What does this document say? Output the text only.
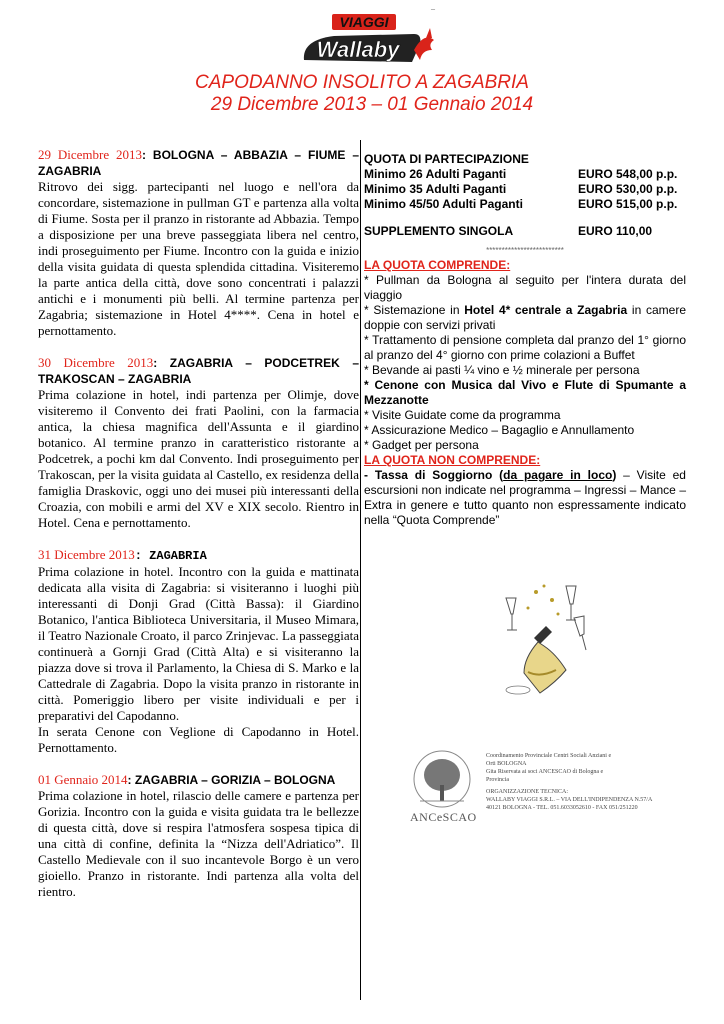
–
VIAGGI
Wallaby
CAPODANNO INSOLITO A ZAGABRIA
29 Dicembre 2013 – 01 Gennaio 2014

29 Dicembre 2013: BOLOGNA – ABBAZIA – FIUME – ZAGABRIA

Ritrovo dei sigg. partecipanti nel luogo e nell'ora da concordare, sistemazione in pullman GT e partenza alla volta di Fiume. Sosta per il pranzo in ristorante ad Abbazia. Tempo a disposizione per una breve passeggiata libera nel centro, indi proseguimento per Fiume. Incontro con la guida e inizio della visita guidata di questa splendida cittadina. Visiteremo la parte antica della città, dove sono concentrati i palazzi antichi e i monumenti più belli. Al termine partenza per Zagabria; sistemazione in Hotel 4****. Cena in hotel e pernottamento.

30 Dicembre 2013: ZAGABRIA – PODCETREK – TRAKOSCAN – ZAGABRIA

Prima colazione in hotel, indi partenza per Olimje, dove visiteremo il Convento dei frati Paolini, con la farmacia antica, la chiesa magnifica dell'Assunta e il giardino botanico. Al termine pranzo in caratteristico ristorante a Podcetrek, a pochi km dal Convento. Indi proseguimento per Trakoscan, per la visita guidata al Castello, ex residenza della famiglia Draskovic, oggi uno dei musei più interessanti della Croazia, con mobili e armi del XV e XIX secolo. Rientro in Hotel. Cena e pernottamento.

31 Dicembre 2013: ZAGABRIA

Prima colazione in hotel. Incontro con la guida e mattinata dedicata alla visita di Zagabria: si visiteranno i luoghi più interessanti di Donji Grad (Città Bassa): il Giardino Botanico, l'antica Biblioteca Universitaria, il Museo Mimara, il Teatro Nazionale Croato, il parco Zrinjevac. La passeggiata continuerà a Gornji Grad (Città Alta) e si visiteranno la piazza dove si trova il Parlamento, la Chiesa di S. Marko e la Cattedrale di Zagabria. Dopo la visita pranzo in ristorante in città. Pomeriggio libero per visite individuali e per i preparativi del Capodanno.
In serata Cenone con Veglione di Capodanno in Hotel. Pernottamento.

01 Gennaio 2014: ZAGABRIA – GORIZIA – BOLOGNA

Prima colazione in hotel, rilascio delle camere e partenza per Gorizia. Incontro con la guida e visita guidata tra le bellezze di questa città, dove si respira l'atmosfera sospesa tipica di una città di confine, definita la “Nizza dell'Adriatico”. Il Castello Medievale con il suo incantevole Borgo è un vero gioiello. Pranzo in ristorante. Indi partenza alla volta del rientro.

QUOTA DI PARTECIPAZIONE

Minimo 26 Adulti Paganti	EURO 548,00 p.p.
Minimo 35 Adulti Paganti	EURO 530,00 p.p.
Minimo 45/50 Adulti Paganti	EURO 515,00 p.p.
SUPPLEMENTO SINGOLA	EURO 110,00
*************************

LA QUOTA COMPRENDE:

* Pullman da Bologna al seguito per l'intera durata del viaggio

* Sistemazione in Hotel 4* centrale a Zagabria in camere doppie con servizi privati

* Trattamento di pensione completa dal pranzo del 1° giorno al pranzo del 4° giorno con prime colazioni a Buffet

* Bevande ai pasti ¼ vino e ½ minerale per persona

* Cenone con Musica dal Vivo e Flute di Spumante a Mezzanotte

* Visite Guidate come da programma

* Assicurazione Medico – Bagaglio e Annullamento

* Gadget per persona

LA QUOTA NON COMPRENDE:

- Tassa di Soggiorno (da pagare in loco) – Visite ed escursioni non indicate nel programma – Ingressi – Mance – Extra in genere e tutto quanto non espressamente indicato nella “Quota Comprende”

ANCeSCAO

Coordinamento Provinciale Centri Sociali Anziani e

Orti BOLOGNA

Gita Riservata ai soci ANCESCAO di Bologna e

Provincia

ORGANIZZAZIONE TECNICA:

WALLABY VIAGGI S.R.L. – VIA DELL'INDIPENDENZA N.57/A

40121 BOLOGNA - TEL. 051.6033052610 - FAX 051/251220
